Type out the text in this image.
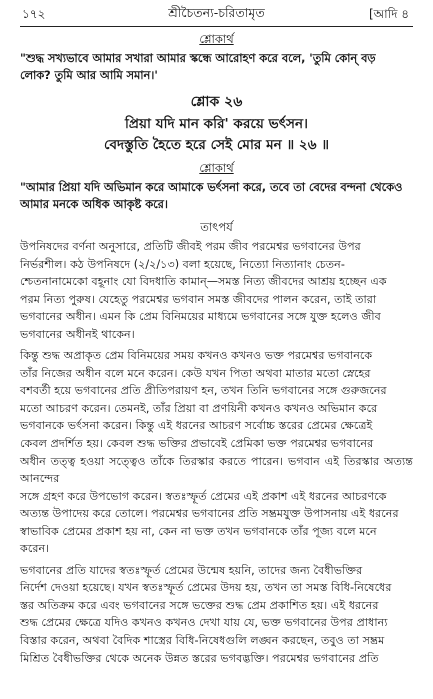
১৭২	শ্রীচৈতন্য-চরিতামৃত	[আদি ৪

শ্লোকার্থ

"শুদ্ধ সখ্যভাবে আমার সখারা আমার স্কন্ধে আরোহণ করে বলে, 'তুমি কোন্‌ বড়
লোক? তুমি আর আমি সমান।'

শ্লোক ২৬

প্রিয়া যদি মান করি' করয়ে ভর্ৎসন।

বেদস্তুতি হৈতে হরে সেই মোর মন ॥ ২৬ ॥

শ্লোকার্থ

"আমার প্রিয়া যদি অভিমান করে আমাকে ভর্ৎসনা করে, তবে তা বেদের বন্দনা থেকেও
আমার মনকে অধিক আকৃষ্ট করে।

তাৎপর্য

উপনিষদের বর্ণনা অনুসারে, প্রতিটি জীবই পরম জীব পরমেশ্বর ভগবানের উপর
নির্ভরশীল। কঠ উপনিষদে (২/২/১৩) বলা হয়েছে, নিত্যো নিত্যানাং চেতন-
শ্চেতনানামেকো বহূনাং যো বিদধাতি কামান্‌—সমস্ত নিত্য জীবদের আশ্রয় হচ্ছেন এক
পরম নিত্য পুরুষ। যেহেতু পরমেশ্বর ভগবান সমস্ত জীবদের পালন করেন, তাই তারা
ভগবানের অধীন। এমন কি প্রেম বিনিময়ের মাধ্যমে ভগবানের সঙ্গে যুক্ত হলেও জীব
ভগবানের অধীনই থাকেন।
কিন্তু শুদ্ধ অপ্রাকৃত প্রেম বিনিময়ের সময় কখনও কখনও ভক্ত পরমেশ্বর ভগবানকে
তাঁর নিজের অধীন বলে মনে করেন। কেউ যখন পিতা অথবা মাতার মতো স্নেহের
বশবর্তী হয়ে ভগবানের প্রতি প্রীতিপরায়ণ হন, তখন তিনি ভগবানের সঙ্গে গুরুজনের
মতো আচরণ করেন। তেমনই, তাঁর প্রিয়া বা প্রণয়িনী কখনও কখনও অভিমান করে
ভগবানকে ভর্ৎসনা করেন। কিন্তু এই ধরনের আচরণ সর্বোচ্চ স্তরের প্রেমের ক্ষেত্রেই
কেবল প্রদর্শিত হয়। কেবল শুদ্ধ ভক্তির প্রভাবেই প্রেমিকা ভক্ত পরমেশ্বর ভগবানের
অধীন তত্ত্ব হওয়া সত্ত্বেও তাঁকে তিরস্কার করতে পারেন। ভগবান এই তিরস্কার অত্যন্ত আনন্দের
সঙ্গে গ্রহণ করে উপভোগ করেন। স্বতঃস্ফূর্ত প্রেমের এই প্রকাশ এই ধরনের আচরণকে
অত্যন্ত উপাদেয় করে তোলে। পরমেশ্বর ভগবানের প্রতি সম্ভ্রমযুক্ত উপাসনায় এই ধরনের
স্বাভাবিক প্রেমের প্রকাশ হয় না, কেন না ভক্ত তখন ভগবানকে তাঁর পূজ্য বলে মনে
করেন।
ভগবানের প্রতি যাদের স্বতঃস্ফূর্ত প্রেমের উন্মেষ হয়নি, তাদের জন্য বৈধীভক্তির
নির্দেশ দেওয়া হয়েছে। যখন স্বতঃস্ফূর্ত প্রেমের উদয় হয়, তখন তা সমস্ত বিধি-নিষেধের
স্তর অতিক্রম করে এবং ভগবানের সঙ্গে ভক্তের শুদ্ধ প্রেম প্রকাশিত হয়। এই ধরনের
শুদ্ধ প্রেমের ক্ষেত্রে যদিও কখনও কখনও দেখা যায় যে, ভক্ত ভগবানের উপর প্রাধান্য
বিস্তার করেন, অথবা বৈদিক শাস্ত্রের বিধি-নিষেধগুলি লঙ্ঘন করছেন, তবুও তা সম্ভ্রম
মিশ্রিত বৈধীভক্তির থেকে অনেক উন্নত স্তরের ভগবদ্ভক্তি। পরমেশ্বর ভগবানের প্রতি
